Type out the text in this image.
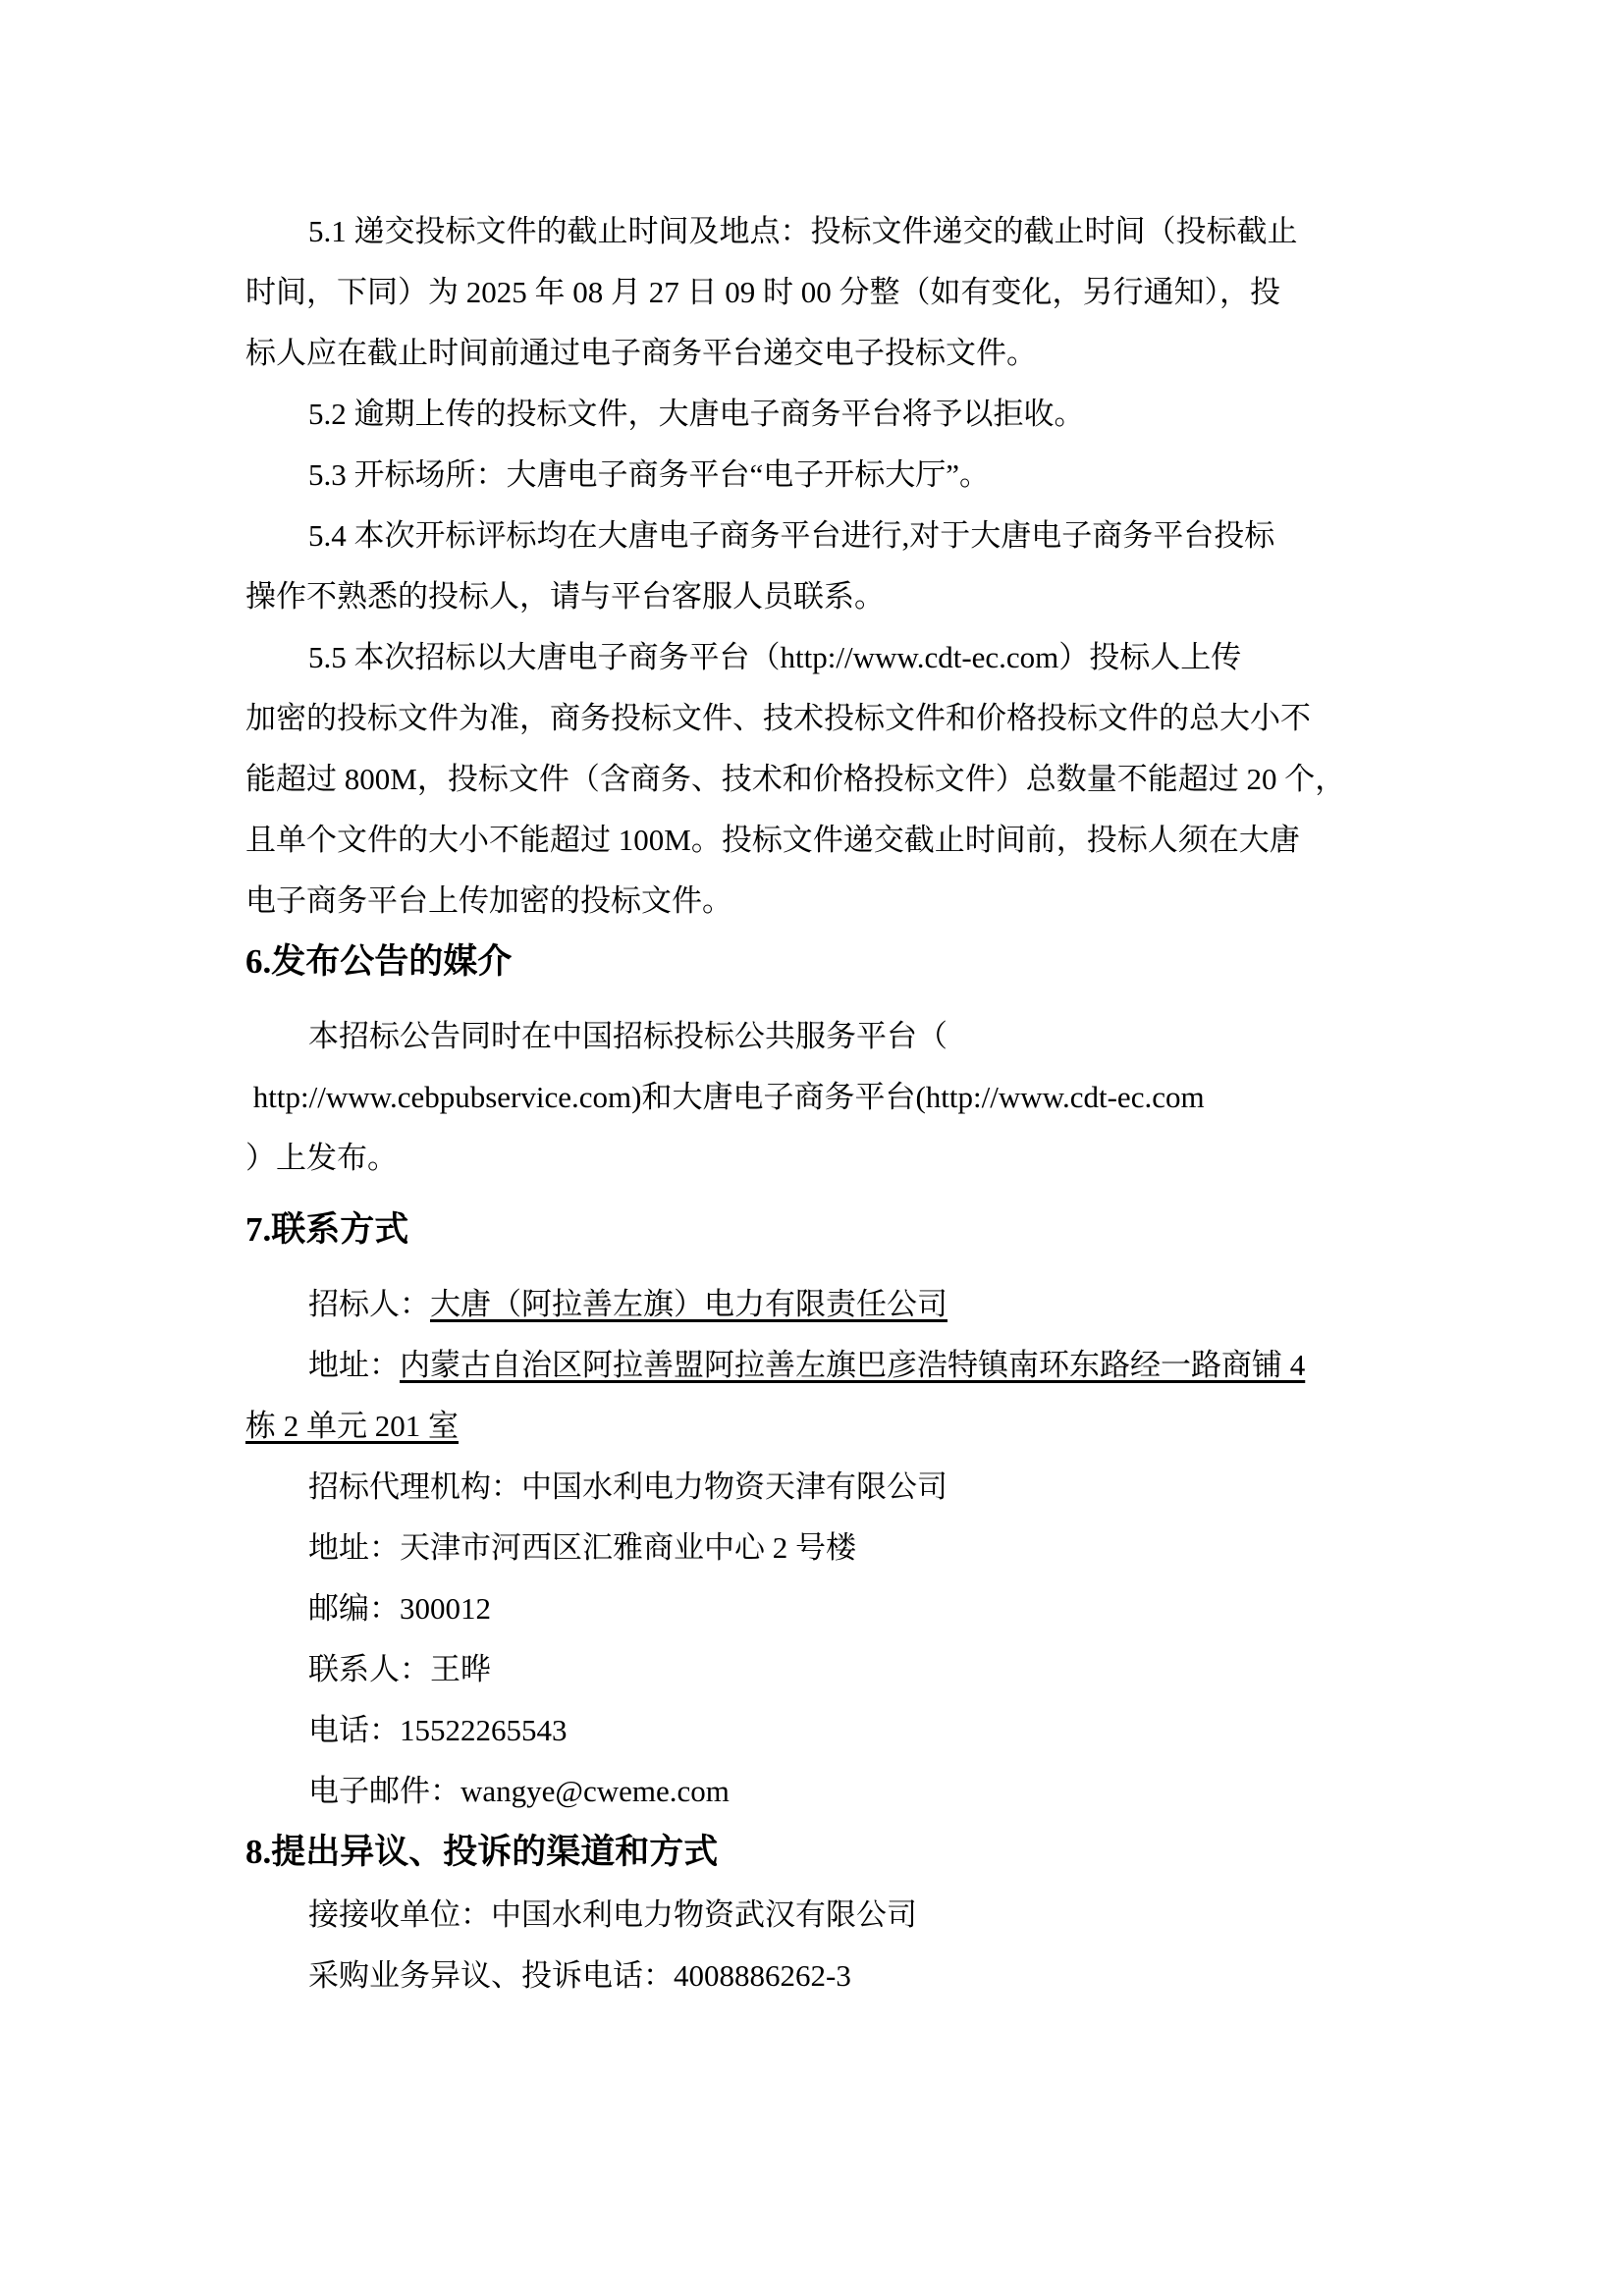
5.1 递交投标文件的截止时间及地点：投标文件递交的截止时间（投标截止
时间，下同）为 2025 年 08 月 27 日 09 时 00 分整（如有变化，另行通知），投
标人应在截止时间前通过电子商务平台递交电子投标文件。
5.2 逾期上传的投标文件，大唐电子商务平台将予以拒收。
5.3 开标场所：大唐电子商务平台“电子开标大厅”。
5.4 本次开标评标均在大唐电子商务平台进行,对于大唐电子商务平台投标
操作不熟悉的投标人，请与平台客服人员联系。
5.5 本次招标以大唐电子商务平台（http://www.cdt-ec.com）投标人上传
加密的投标文件为准，商务投标文件、技术投标文件和价格投标文件的总大小不
能超过 800M，投标文件（含商务、技术和价格投标文件）总数量不能超过 20 个，
且单个文件的大小不能超过 100M。投标文件递交截止时间前，投标人须在大唐
电子商务平台上传加密的投标文件。
6.发布公告的媒介
本招标公告同时在中国招标投标公共服务平台（
http://www.cebpubservice.com)和大唐电子商务平台(http://www.cdt-ec.com
）上发布。
7.联系方式
招标人：大唐（阿拉善左旗）电力有限责任公司
地址：内蒙古自治区阿拉善盟阿拉善左旗巴彦浩特镇南环东路经一路商铺 4
栋 2 单元 201 室
招标代理机构：中国水利电力物资天津有限公司
地址：天津市河西区汇雅商业中心 2 号楼
邮编：300012
联系人：王晔
电话：15522265543
电子邮件：wangye@cweme.com
8.提出异议、投诉的渠道和方式
接接收单位：中国水利电力物资武汉有限公司
采购业务异议、投诉电话：4008886262-3
